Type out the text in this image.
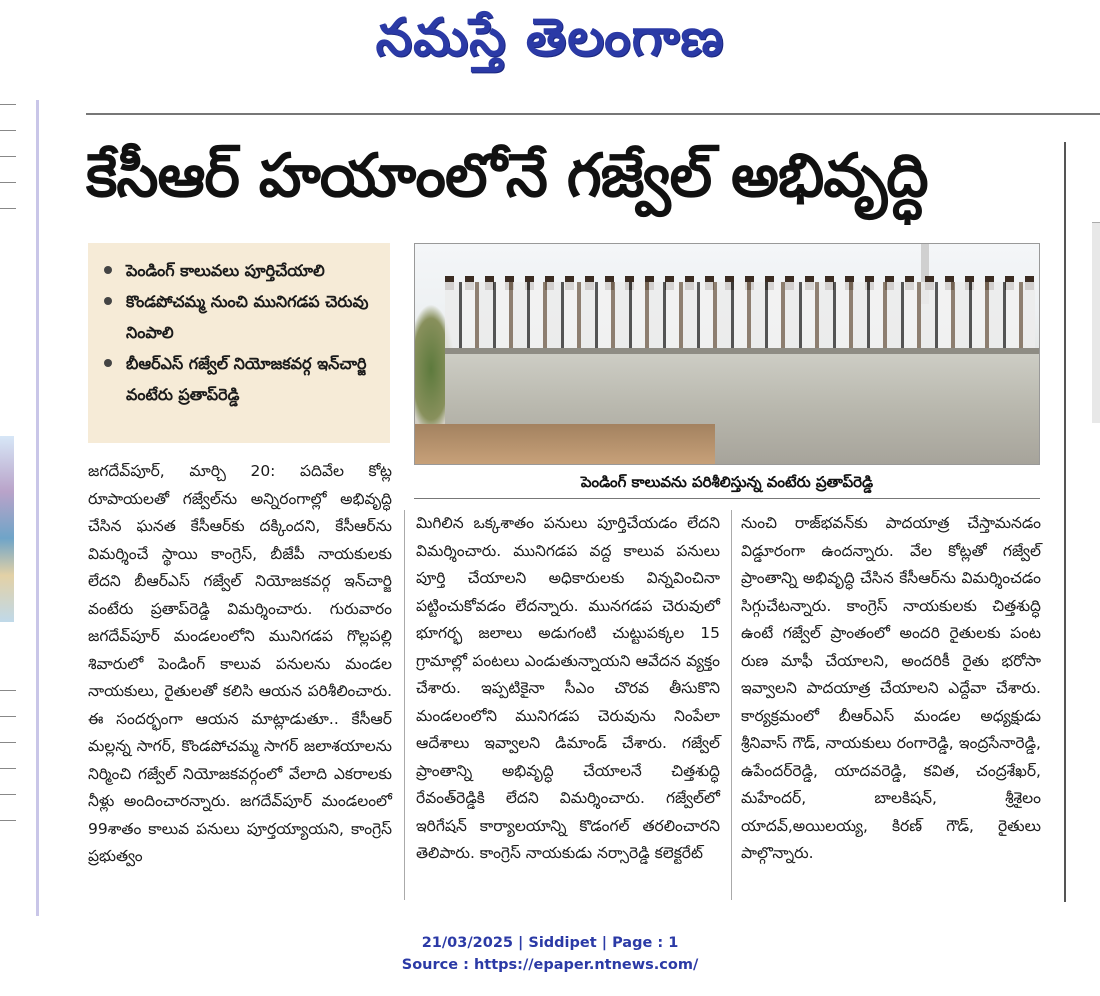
నమస్తే తెలంగాణ
కేసీఆర్ హయాంలోనే గజ్వేల్ అభివృద్ధి
పెండింగ్ కాలువలు పూర్తిచేయాలి
కొండపోచమ్మ నుంచి మునిగడప చెరువు నింపాలి
బీఆర్ఎస్ గజ్వేల్ నియోజకవర్గ ఇన్‌చార్జి వంటేరు ప్రతాప్‌రెడ్డి
పెండింగ్ కాలువను పరిశీలిస్తున్న వంటేరు ప్రతాప్‌రెడ్డి
జగదేవ్‌పూర్, మార్చి 20: పదివేల కోట్ల రూపాయలతో గజ్వేల్‌ను అన్నిరంగాల్లో అభివృద్ధి చేసిన ఘనత కేసీఆర్‌కు దక్కిందని, కేసీఆర్‌ను విమర్శించే స్థాయి కాంగ్రెస్, బీజేపీ నాయకులకు లేదని బీఆర్ఎస్ గజ్వేల్ నియోజకవర్గ ఇన్‌చార్జి వంటేరు ప్రతాప్‌రెడ్డి విమర్శించారు. గురువారం జగదేవ్‌పూర్ మండలంలోని మునిగడప గొల్లపల్లి శివారులో పెండింగ్ కాలువ పనులను మండల నాయకులు, రైతులతో కలిసి ఆయన పరిశీలించారు. ఈ సందర్భంగా ఆయన మాట్లాడుతూ.. కేసీఆర్ మల్లన్న సాగర్, కొండపోచమ్మ సాగర్ జలాశయాలను నిర్మించి గజ్వేల్ నియోజకవర్గంలో వేలాది ఎకరాలకు నీళ్లు అందించారన్నారు. జగదేవ్‌పూర్ మండలంలో 99శాతం కాలువ పనులు పూర్తయ్యాయని, కాంగ్రెస్ ప్రభుత్వం
మిగిలిన ఒక్కశాతం పనులు పూర్తిచేయడం లేదని విమర్శించారు. మునిగడప వద్ద కాలువ పనులు పూర్తి చేయాలని అధికారులకు విన్నవించినా పట్టించుకోవడం లేదన్నారు. మునగడప చెరువులో భూగర్భ జలాలు అడుగంటి చుట్టుపక్కల 15 గ్రామాల్లో పంటలు ఎండుతున్నాయని ఆవేదన వ్యక్తం చేశారు. ఇప్పటికైనా సీఎం చొరవ తీసుకొని మండలంలోని మునిగడప చెరువును నింపేలా ఆదేశాలు ఇవ్వాలని డిమాండ్ చేశారు. గజ్వేల్ ప్రాంతాన్ని అభివృద్ధి చేయాలనే చిత్తశుద్ధి రేవంత్‌రెడ్డికి లేదని విమర్శించారు. గజ్వేల్‌లో ఇరిగేషన్ కార్యాలయాన్ని కొడంగల్ తరలించారని తెలిపారు. కాంగ్రెస్ నాయకుడు నర్సారెడ్డి కలెక్టరేట్
నుంచి రాజ్‌భవన్‌కు పాదయాత్ర చేస్తామనడం విడ్డూరంగా ఉందన్నారు. వేల కోట్లతో గజ్వేల్ ప్రాంతాన్ని అభివృద్ధి చేసిన కేసీఆర్‌ను విమర్శించడం సిగ్గుచేటన్నారు. కాంగ్రెస్ నాయకులకు చిత్తశుద్ధి ఉంటే గజ్వేల్ ప్రాంతంలో అందరి రైతులకు పంట రుణ మాఫీ చేయాలని, అందరికీ రైతు భరోసా ఇవ్వాలని పాదయాత్ర చేయాలని ఎద్దేవా చేశారు. కార్యక్రమంలో బీఆర్ఎస్ మండల అధ్యక్షుడు శ్రీనివాస్ గౌడ్, నాయకులు రంగారెడ్డి, ఇంద్రసేనారెడ్డి, ఉపేందర్‌రెడ్డి, యాదవరెడ్డి, కవిత, చంద్రశేఖర్, మహేందర్, బాలకిషన్, శ్రీశైలం యాదవ్,అయిలయ్య, కిరణ్ గౌడ్, రైతులు పాల్గొన్నారు.
21/03/2025 | Siddipet | Page : 1
Source : https://epaper.ntnews.com/
